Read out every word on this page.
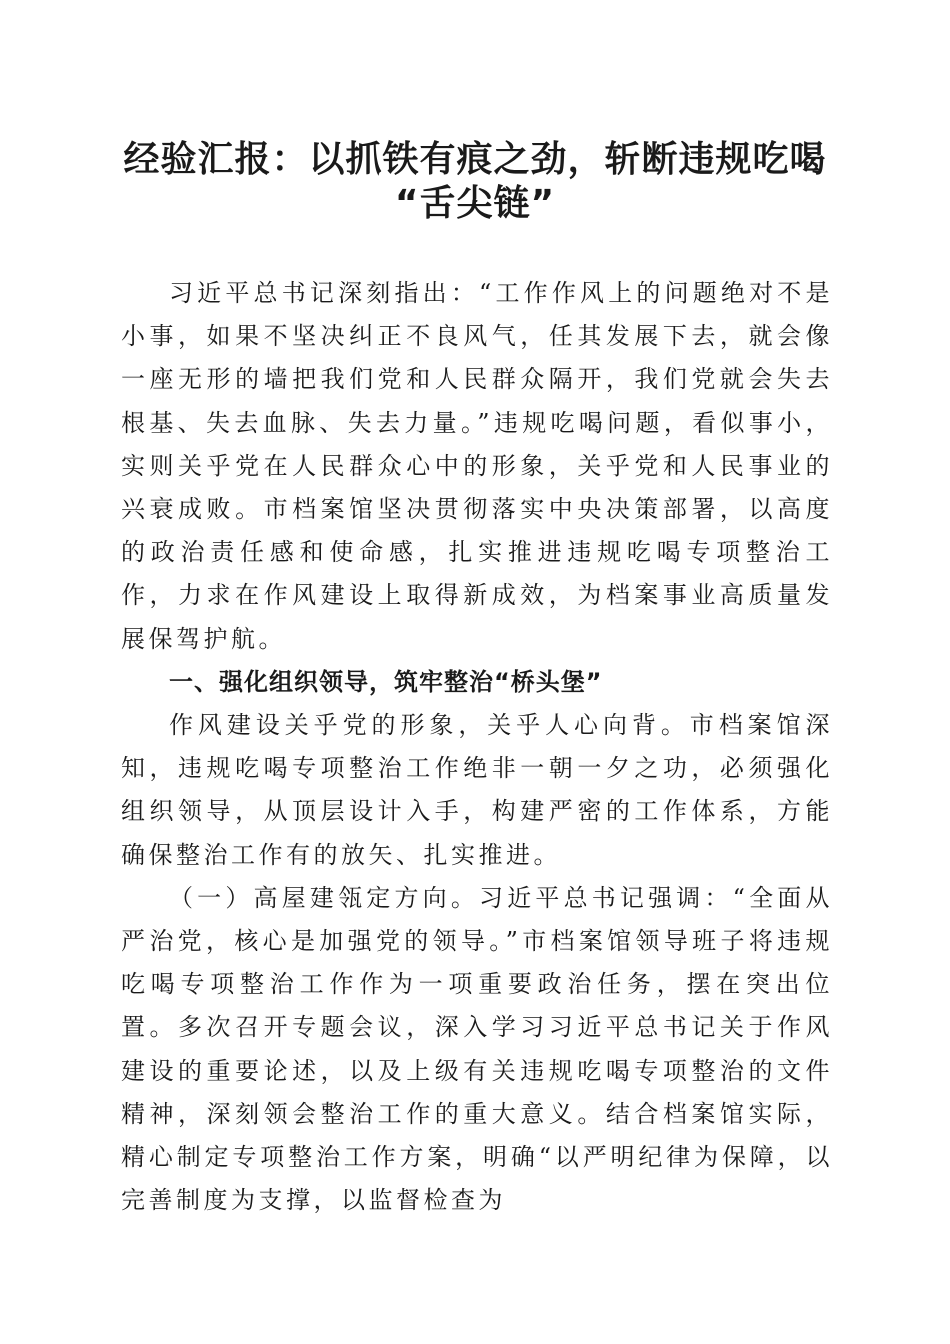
经验汇报：以抓铁有痕之劲，斩断违规吃喝
“舌尖链”

习近平总书记深刻指出：“工作作风上的问题绝对不是小事，如果不坚决纠正不良风气，任其发展下去，就会像一座无形的墙把我们党和人民群众隔开，我们党就会失去根基、失去血脉、失去力量。”违规吃喝问题，看似事小，实则关乎党在人民群众心中的形象，关乎党和人民事业的兴衰成败。市档案馆坚决贯彻落实中央决策部署，以高度的政治责任感和使命感，扎实推进违规吃喝专项整治工作，力求在作风建设上取得新成效，为档案事业高质量发展保驾护航。

一、强化组织领导，筑牢整治“桥头堡”

作风建设关乎党的形象，关乎人心向背。市档案馆深知，违规吃喝专项整治工作绝非一朝一夕之功，必须强化组织领导，从顶层设计入手，构建严密的工作体系，方能确保整治工作有的放矢、扎实推进。

（一）高屋建瓴定方向。习近平总书记强调：“全面从严治党，核心是加强党的领导。”市档案馆领导班子将违规吃喝专项整治工作作为一项重要政治任务，摆在突出位置。多次召开专题会议，深入学习习近平总书记关于作风建设的重要论述，以及上级有关违规吃喝专项整治的文件精神，深刻领会整治工作的重大意义。结合档案馆实际，精心制定专项整治工作方案，明确“以严明纪律为保障，以完善制度为支撑，以监督检查为
